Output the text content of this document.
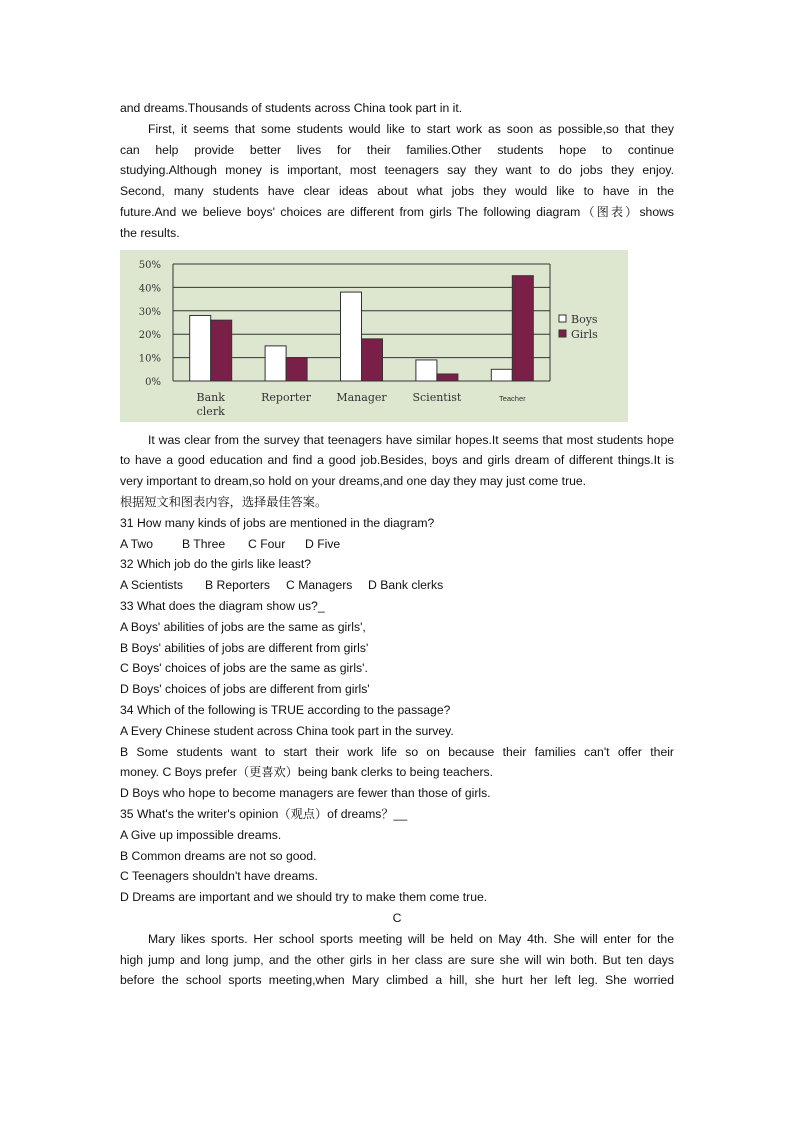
and dreams.Thousands of students across China took part in it.
First, it seems that some students would like to start work as soon as possible,so that they
can help provide better lives for their families.Other students hope to continue
studying.Although money is important, most teenagers say they want to do jobs they enjoy.
Second, many students have clear ideas about what jobs they would like to have in the
future.And we believe boys' choices are different from girls The following diagram（图表）shows
the results.
0%
10%
20%
30%
40%
50%
Bank
clerk
Reporter Manager Scientist	Teacher
Boys
Girls
It was clear from the survey that teenagers have similar hopes.It seems that most students hope to have a good education and find a good job.Besides, boys and girls dream of different things.It is very important to dream,so hold on your dreams,and one day they may just come true.
根据短文和图表内容，选择最佳答案。
31 How many kinds of jobs are mentioned in the diagram?
A Two B Three C Four D Five
32 Which job do the girls like least?
A Scientists B Reporters C Managers D Bank clerks
33 What does the diagram show us?_
A Boys' abilities of jobs are the same as girls',
B Boys' abilities of jobs are different from girls'
C Boys' choices of jobs are the same as girls'.
D Boys' choices of jobs are different from girls'
34 Which of the following is TRUE according to the passage?
A Every Chinese student across China took part in the survey.
B Some students want to start their work life so on because their families can't offer their
money. C Boys prefer（更喜欢）being bank clerks to being teachers.
D Boys who hope to become managers are fewer than those of girls.
35 What's the writer's opinion（观点）of dreams？__
A Give up impossible dreams.
B Common dreams are not so good.
C Teenagers shouldn't have dreams.
D Dreams are important and we should try to make them come true.
C
Mary likes sports. Her school sports meeting will be held on May 4th. She will enter for the
high jump and long jump, and the other girls in her class are sure she will win both. But ten days
before the school sports meeting,when Mary climbed a hill, she hurt her left leg. She worried
